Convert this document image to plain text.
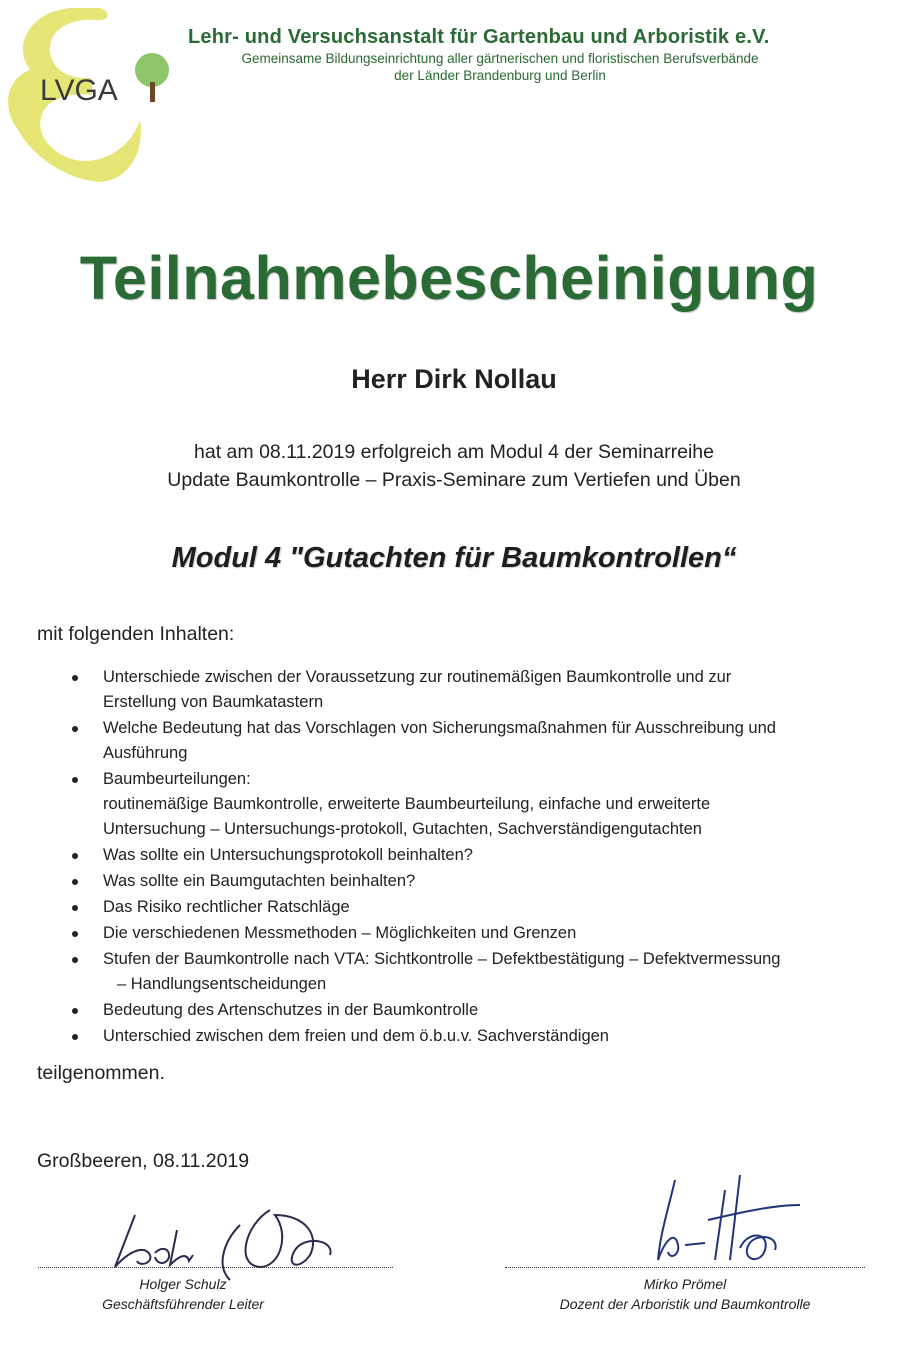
LVGA
Lehr- und Versuchsanstalt für Gartenbau und Arboristik e.V.
Gemeinsame Bildungseinrichtung aller gärtnerischen und floristischen Berufsverbände
der Länder Brandenburg und Berlin
Teilnahmebescheinigung
Herr Dirk Nollau
hat am 08.11.2019 erfolgreich am Modul 4 der Seminarreihe
Update Baumkontrolle – Praxis-Seminare zum Vertiefen und Üben
Modul 4 "Gutachten für Baumkontrollen“
mit folgenden Inhalten:
Unterschiede zwischen der Voraussetzung zur routinemäßigen Baumkontrolle und zur
Erstellung von Baumkatastern
Welche Bedeutung hat das Vorschlagen von Sicherungsmaßnahmen für Ausschreibung und
Ausführung
Baumbeurteilungen:
routinemäßige Baumkontrolle, erweiterte Baumbeurteilung, einfache und erweiterte
Untersuchung – Untersuchungs-protokoll, Gutachten, Sachverständigengutachten
Was sollte ein Untersuchungsprotokoll beinhalten?
Was sollte ein Baumgutachten beinhalten?
Das Risiko rechtlicher Ratschläge
Die verschiedenen Messmethoden – Möglichkeiten und Grenzen
Stufen der Baumkontrolle nach VTA: Sichtkontrolle – Defektbestätigung – Defektvermessung

– Handlungsentscheidungen
Bedeutung des Artenschutzes in der Baumkontrolle
Unterschied zwischen dem freien und dem ö.b.u.v. Sachverständigen
teilgenommen.
Großbeeren, 08.11.2019
Holger Schulz
Geschäftsführender Leiter
Mirko Prömel
Dozent der Arboristik und Baumkontrolle
